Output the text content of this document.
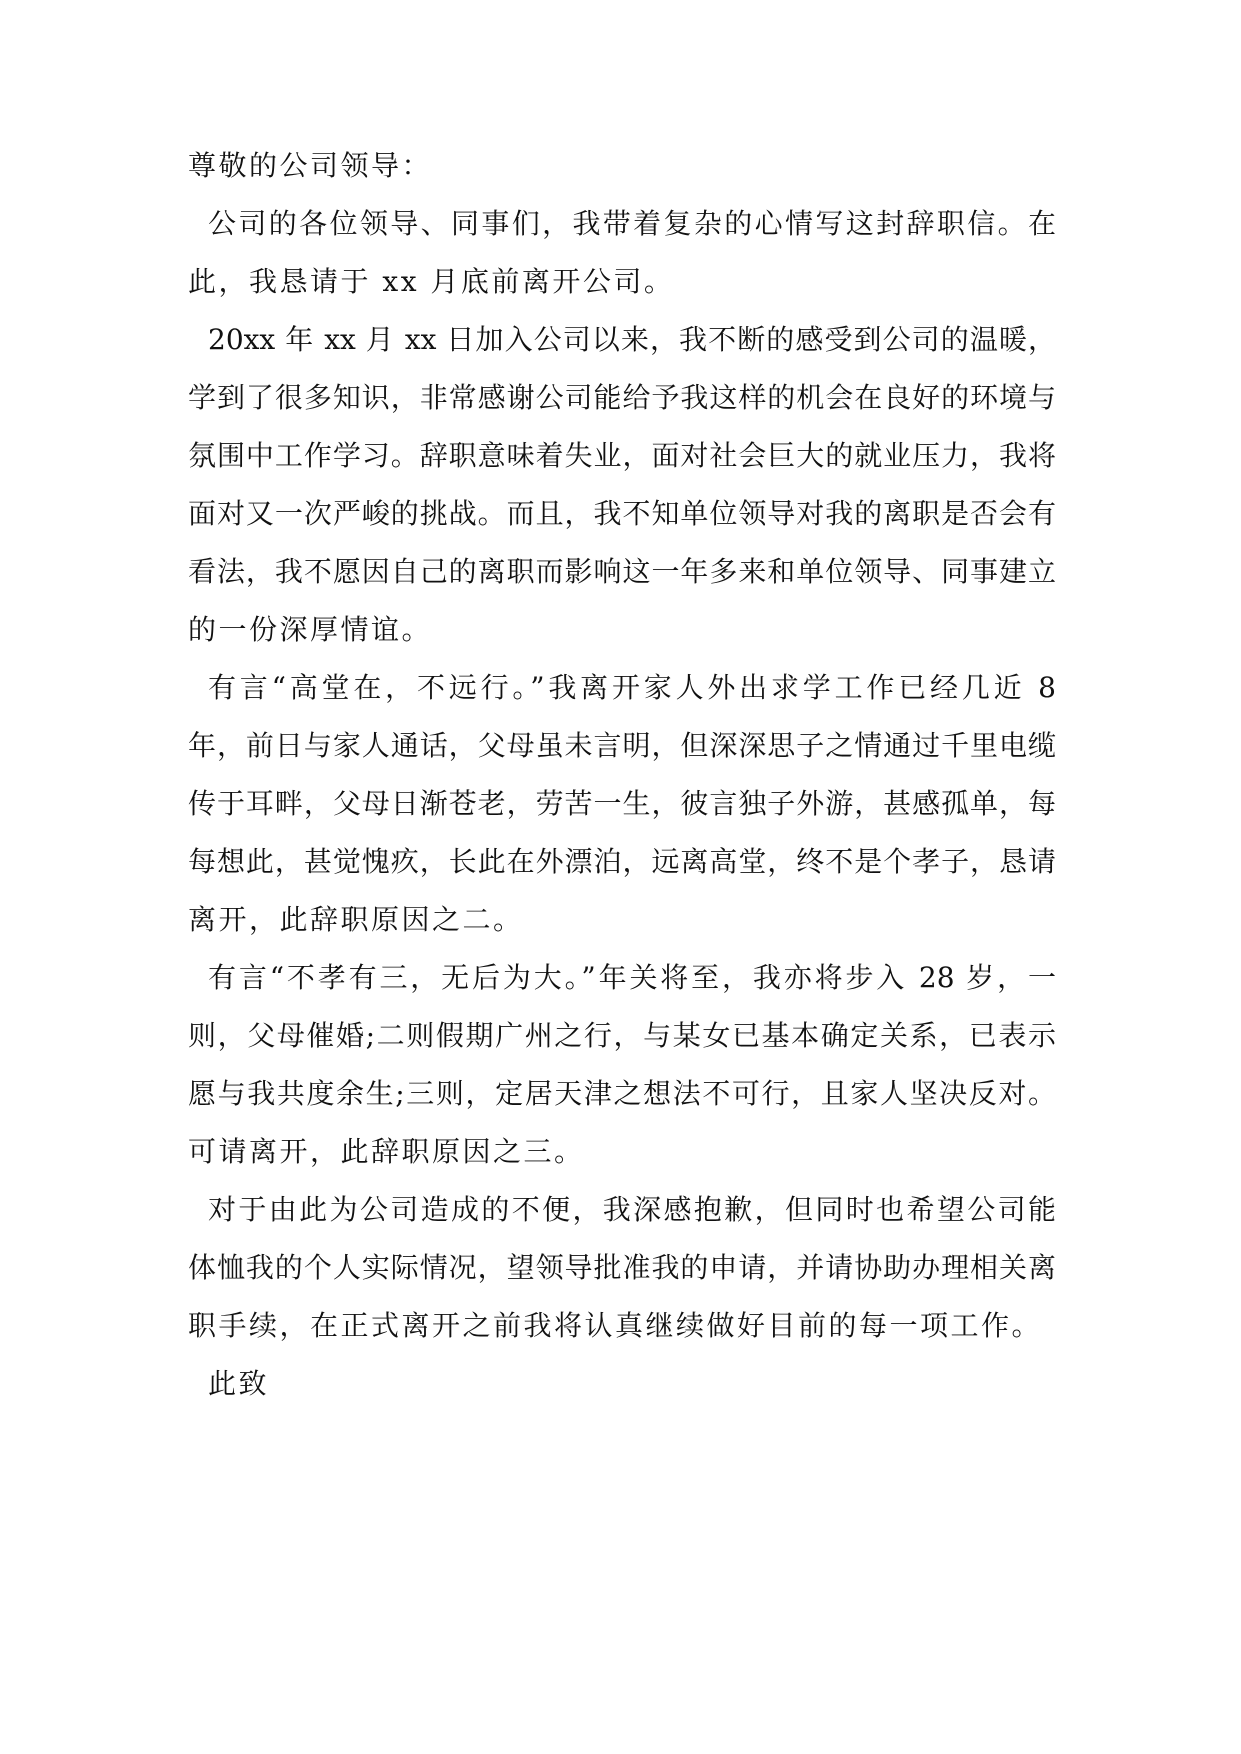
尊敬的公司领导：
公司的各位领导、同事们，我带着复杂的心情写这封辞职信。在
此，我恳请于 xx 月底前离开公司。
20xx 年 xx 月 xx 日加入公司以来，我不断的感受到公司的温暖，
学到了很多知识，非常感谢公司能给予我这样的机会在良好的环境与
氛围中工作学习。辞职意味着失业，面对社会巨大的就业压力，我将
面对又一次严峻的挑战。而且，我不知单位领导对我的离职是否会有
看法，我不愿因自己的离职而影响这一年多来和单位领导、同事建立
的一份深厚情谊。
有言“高堂在，不远行。”我离开家人外出求学工作已经几近 8
年，前日与家人通话，父母虽未言明，但深深思子之情通过千里电缆
传于耳畔，父母日渐苍老，劳苦一生，彼言独子外游，甚感孤单，每
每想此，甚觉愧疚，长此在外漂泊，远离高堂，终不是个孝子，恳请
离开，此辞职原因之二。
有言“不孝有三，无后为大。”年关将至，我亦将步入 28 岁，一
则，父母催婚;二则假期广州之行，与某女已基本确定关系，已表示
愿与我共度余生;三则，定居天津之想法不可行，且家人坚决反对。
可请离开，此辞职原因之三。
对于由此为公司造成的不便，我深感抱歉，但同时也希望公司能
体恤我的个人实际情况，望领导批准我的申请，并请协助办理相关离
职手续，在正式离开之前我将认真继续做好目前的每一项工作。
此致
